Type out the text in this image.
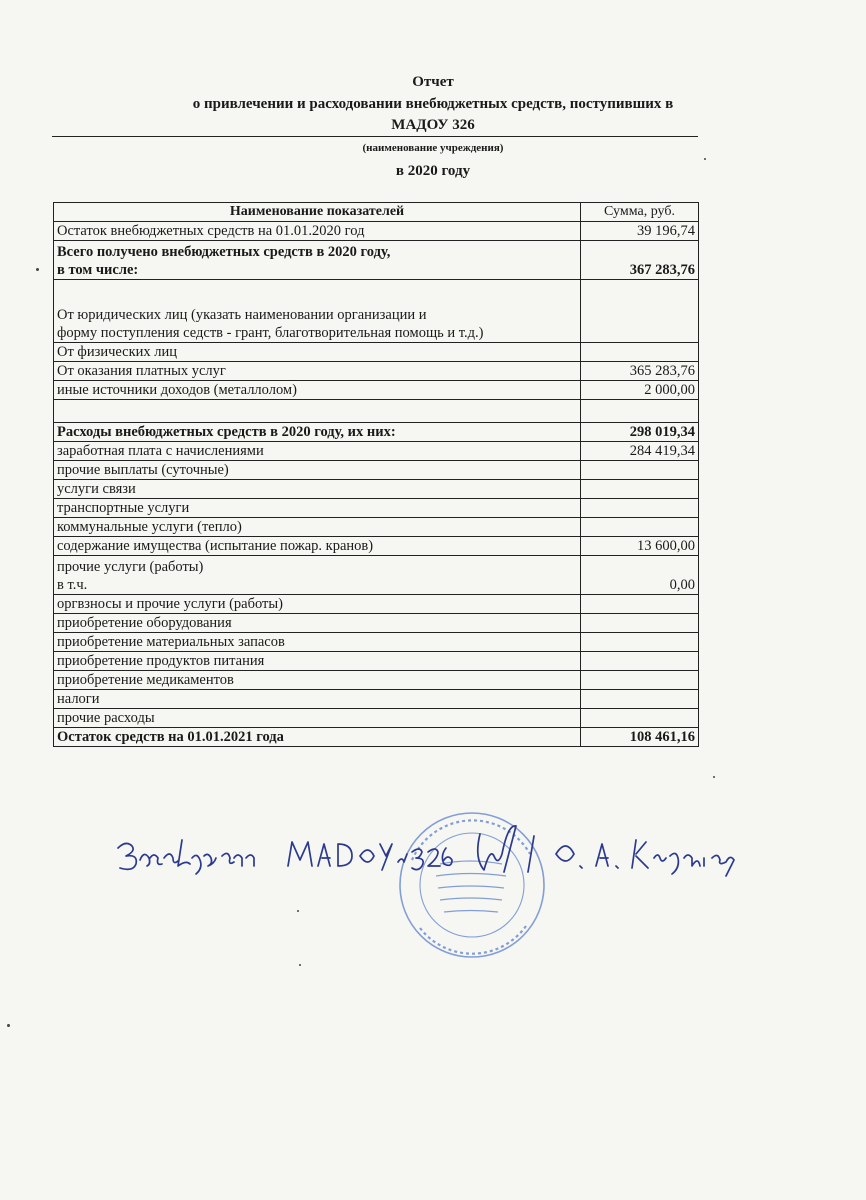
Отчет
о привлечении и расходовании внебюджетных средств, поступивших в
МАДОУ 326
(наименование учреждения)
в 2020 году
Наименование показателей	Сумма, руб.
Остаток внебюджетных средств на 01.01.2020 год	39 196,74
Всего получено внебюджетных средств в 2020 году,
в том числе:	367 283,76
От юридических лиц (указать наименовании организации и
форму поступления седств - грант, благотворительная помощь и т.д.)	
От физических лиц	
От оказания платных услуг	365 283,76
иные источники доходов (металлолом)	2 000,00

Расходы внебюджетных средств в 2020 году, их них:	298 019,34
заработная плата с начислениями	284 419,34
прочие выплаты (суточные)	
услуги связи	
транспортные услуги	
коммунальные услуги (тепло)	
содержание имущества (испытание пожар. кранов)	13 600,00
прочие услуги (работы)
в т.ч.	0,00
оргвзносы и прочие услуги (работы)	
приобретение оборудования	
приобретение материальных запасов	
приобретение продуктов питания	
приобретение медикаментов	
налоги	
прочие расходы	
Остаток средств на 01.01.2021 года	108 461,16
